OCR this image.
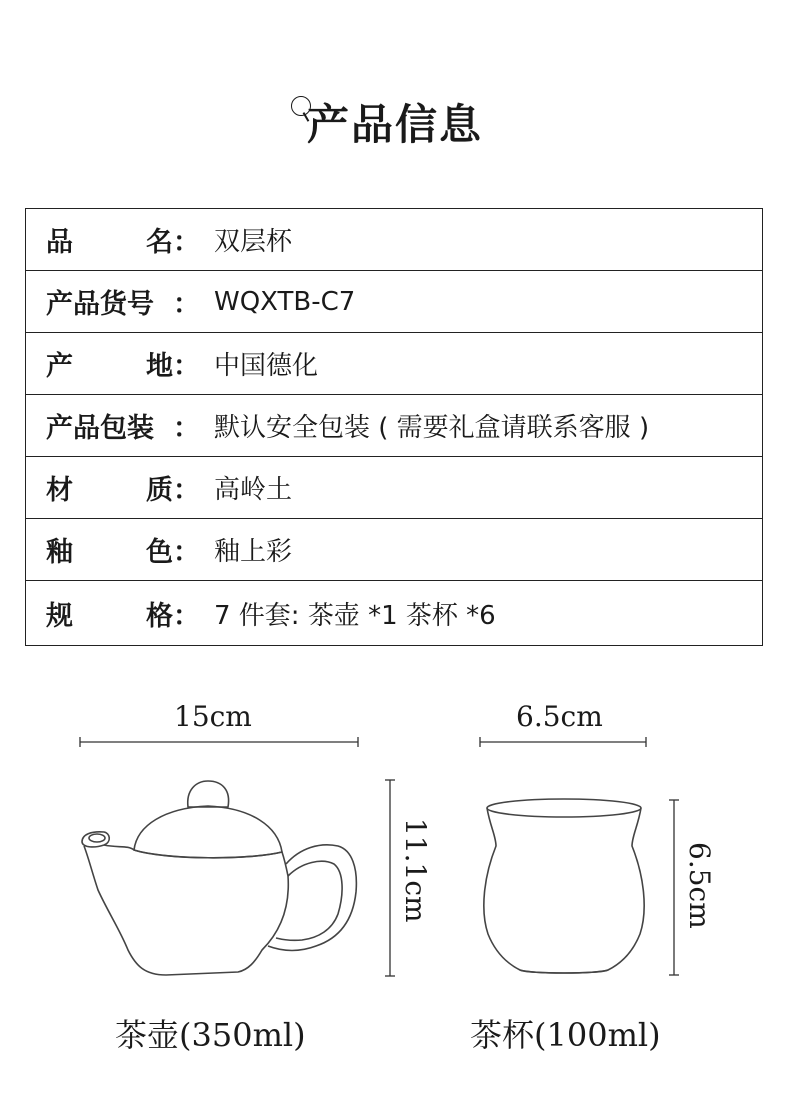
产品信息
品	名： 双层杯
产品货号 ： WQXTB-C7
产	地： 中国德化
产品包装 ： 默认安全包装 ( 需要礼盒请联系客服 )
材	质： 高岭土
釉	色： 釉上彩
规	格： 7 件套: 茶壶 *1 茶杯 *6
15cm	6.5cm
11.1cm	6.5cm
茶壶(350ml)	茶杯(100ml)
